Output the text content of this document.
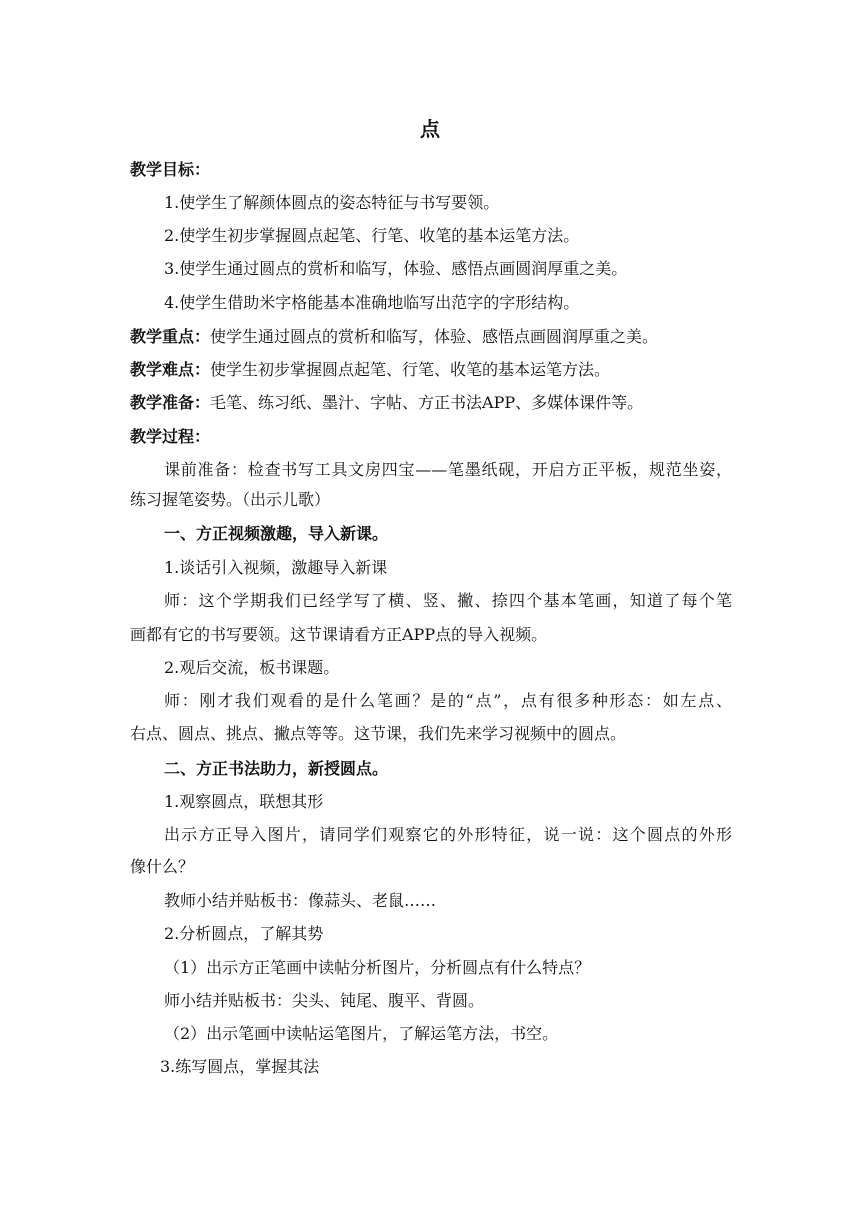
点
教学目标：
1.使学生了解颜体圆点的姿态特征与书写要领。
2.使学生初步掌握圆点起笔、行笔、收笔的基本运笔方法。
3.使学生通过圆点的赏析和临写，体验、感悟点画圆润厚重之美。
4.使学生借助米字格能基本准确地临写出范字的字形结构。
教学重点：使学生通过圆点的赏析和临写，体验、感悟点画圆润厚重之美。
教学难点：使学生初步掌握圆点起笔、行笔、收笔的基本运笔方法。
教学准备：毛笔、练习纸、墨汁、字帖、方正书法APP、多媒体课件等。
教学过程：
课前准备：检查书写工具文房四宝——笔墨纸砚，开启方正平板，规范坐姿，
练习握笔姿势。（出示儿歌）
一、方正视频激趣，导入新课。
1.谈话引入视频，激趣导入新课
师：这个学期我们已经学写了横、竖、撇、捺四个基本笔画，知道了每个笔
画都有它的书写要领。这节课请看方正APP点的导入视频。
2.观后交流，板书课题。
师：刚才我们观看的是什么笔画？是的“点”，点有很多种形态：如左点、
右点、圆点、挑点、撇点等等。这节课，我们先来学习视频中的圆点。
二、方正书法助力，新授圆点。
1.观察圆点，联想其形
出示方正导入图片，请同学们观察它的外形特征，说一说：这个圆点的外形
像什么？
教师小结并贴板书：像蒜头、老鼠……
2.分析圆点，了解其势
（1）出示方正笔画中读帖分析图片，分析圆点有什么特点？
师小结并贴板书：尖头、钝尾、腹平、背圆。
（2）出示笔画中读帖运笔图片，了解运笔方法，书空。
3.练写圆点，掌握其法
